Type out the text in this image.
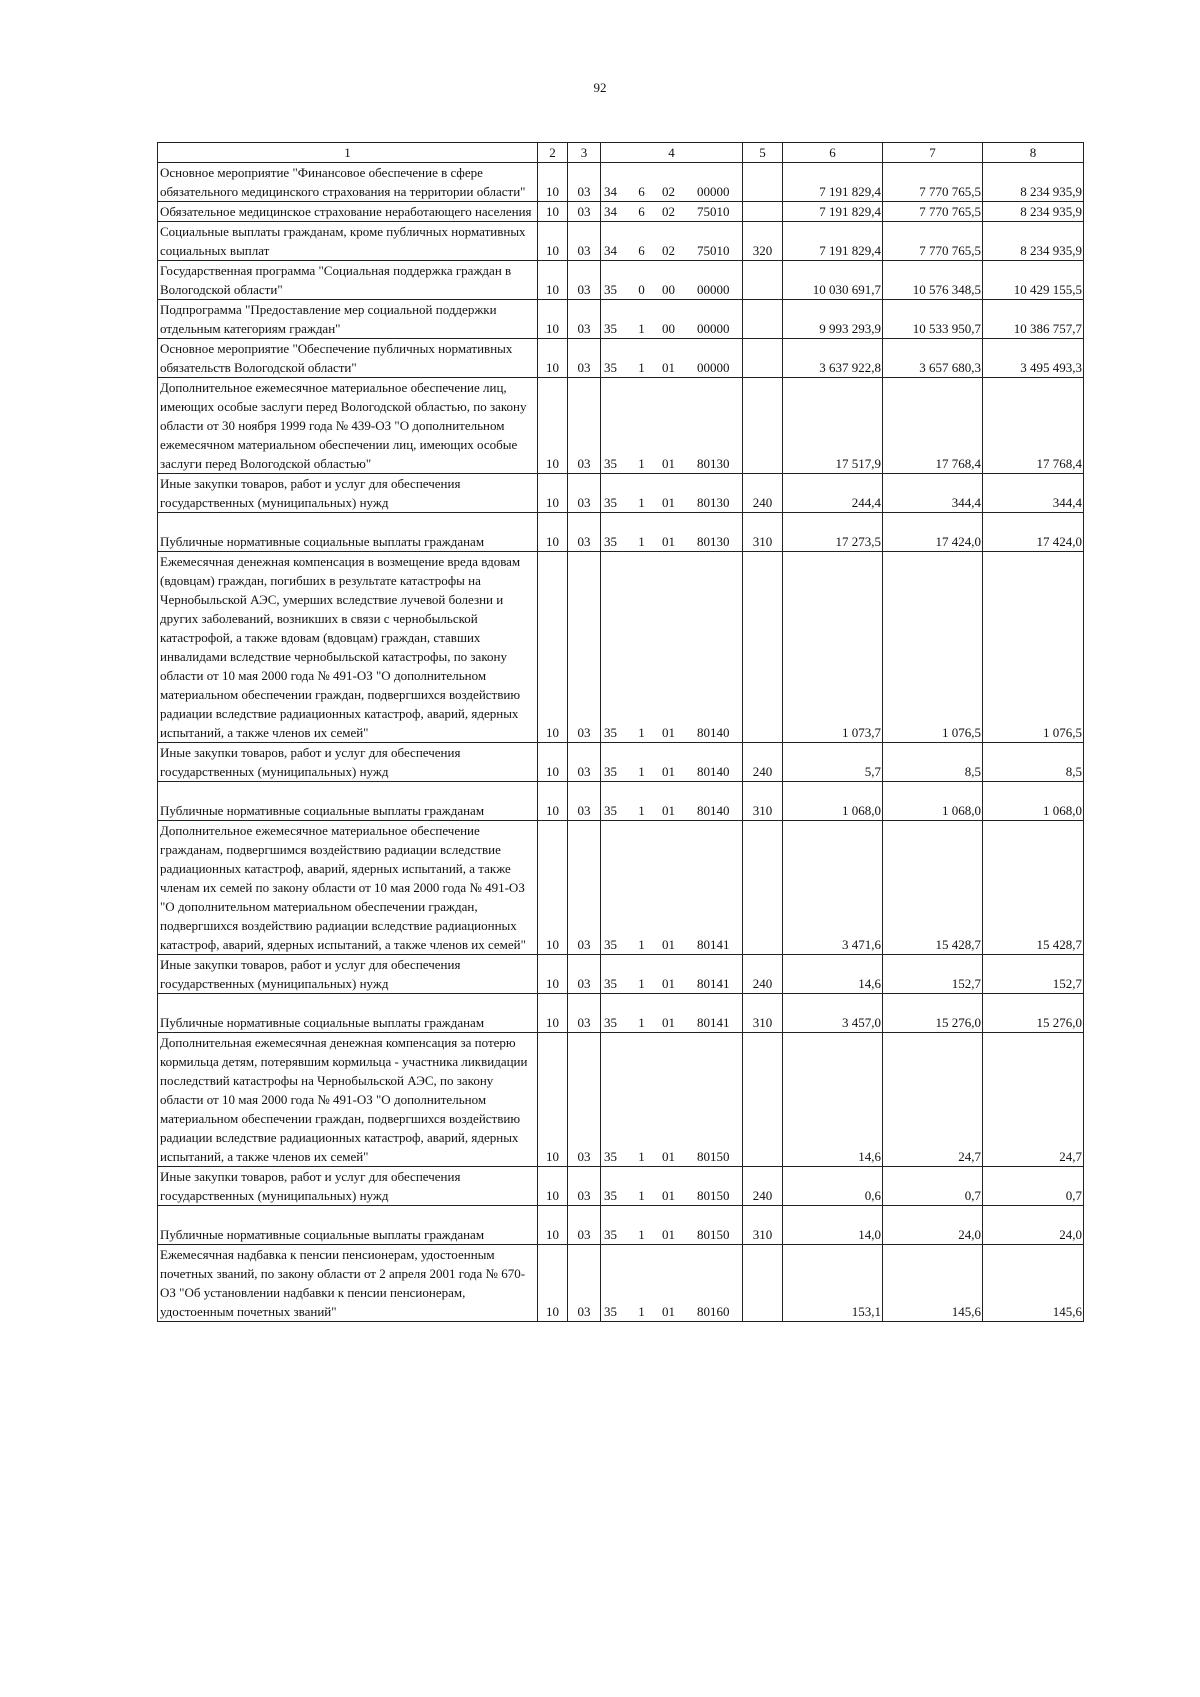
92
1	2	3	4				5	6	7	8
Основное мероприятие "Финансовое обеспечение в сфере обязательного медицинского страхования на территории области"	10	03	34	6	02	00000		7 191 829,4	7 770 765,5	8 234 935,9
Обязательное медицинское страхование неработающего населения	10	03	34	6	02	75010		7 191 829,4	7 770 765,5	8 234 935,9
Социальные выплаты гражданам, кроме публичных нормативных социальных выплат	10	03	34	6	02	75010	320	7 191 829,4	7 770 765,5	8 234 935,9
Государственная программа "Социальная поддержка граждан в Вологодской области"	10	03	35	0	00	00000		10 030 691,7	10 576 348,5	10 429 155,5
Подпрограмма "Предоставление мер социальной поддержки отдельным категориям граждан"	10	03	35	1	00	00000		9 993 293,9	10 533 950,7	10 386 757,7
Основное мероприятие "Обеспечение публичных нормативных обязательств Вологодской области"	10	03	35	1	01	00000		3 637 922,8	3 657 680,3	3 495 493,3
Дополнительное ежемесячное материальное обеспечение лиц, имеющих особые заслуги перед Вологодской областью, по закону области от 30 ноября 1999 года № 439-ОЗ "О дополнительном ежемесячном материальном обеспечении лиц, имеющих особые заслуги перед Вологодской областью"	10	03	35	1	01	80130		17 517,9	17 768,4	17 768,4
Иные закупки товаров, работ и услуг для обеспечения государственных (муниципальных) нужд	10	03	35	1	01	80130	240	244,4	344,4	344,4
Публичные нормативные социальные выплаты гражданам	10	03	35	1	01	80130	310	17 273,5	17 424,0	17 424,0
Ежемесячная денежная компенсация в возмещение вреда вдовам (вдовцам) граждан, погибших в результате катастрофы на Чернобыльской АЭС, умерших вследствие лучевой болезни и других заболеваний, возникших в связи с чернобыльской катастрофой, а также вдовам (вдовцам) граждан, ставших инвалидами вследствие чернобыльской катастрофы, по закону области от 10 мая 2000 года № 491-ОЗ "О дополнительном материальном обеспечении граждан, подвергшихся воздействию радиации вследствие радиационных катастроф, аварий, ядерных испытаний, а также членов их семей"	10	03	35	1	01	80140		1 073,7	1 076,5	1 076,5
Иные закупки товаров, работ и услуг для обеспечения государственных (муниципальных) нужд	10	03	35	1	01	80140	240	5,7	8,5	8,5
Публичные нормативные социальные выплаты гражданам	10	03	35	1	01	80140	310	1 068,0	1 068,0	1 068,0
Дополнительное ежемесячное материальное обеспечение гражданам, подвергшимся воздействию радиации вследствие радиационных катастроф, аварий, ядерных испытаний, а также членам их семей по закону области от 10 мая 2000 года № 491-ОЗ "О дополнительном материальном обеспечении граждан, подвергшихся воздействию радиации вследствие радиационных катастроф, аварий, ядерных испытаний, а также членов их семей"	10	03	35	1	01	80141		3 471,6	15 428,7	15 428,7
Иные закупки товаров, работ и услуг для обеспечения государственных (муниципальных) нужд	10	03	35	1	01	80141	240	14,6	152,7	152,7
Публичные нормативные социальные выплаты гражданам	10	03	35	1	01	80141	310	3 457,0	15 276,0	15 276,0
Дополнительная ежемесячная денежная компенсация за потерю кормильца детям, потерявшим кормильца - участника ликвидации последствий катастрофы на Чернобыльской АЭС, по закону области от 10 мая 2000 года № 491-ОЗ "О дополнительном материальном обеспечении граждан, подвергшихся воздействию радиации вследствие радиационных катастроф, аварий, ядерных испытаний, а также членов их семей"	10	03	35	1	01	80150		14,6	24,7	24,7
Иные закупки товаров, работ и услуг для обеспечения государственных (муниципальных) нужд	10	03	35	1	01	80150	240	0,6	0,7	0,7
Публичные нормативные социальные выплаты гражданам	10	03	35	1	01	80150	310	14,0	24,0	24,0
Ежемесячная надбавка к пенсии пенсионерам, удостоенным почетных званий, по закону области от 2 апреля 2001 года № 670-ОЗ "Об установлении надбавки к пенсии пенсионерам, удостоенным почетных званий"	10	03	35	1	01	80160		153,1	145,6	145,6
